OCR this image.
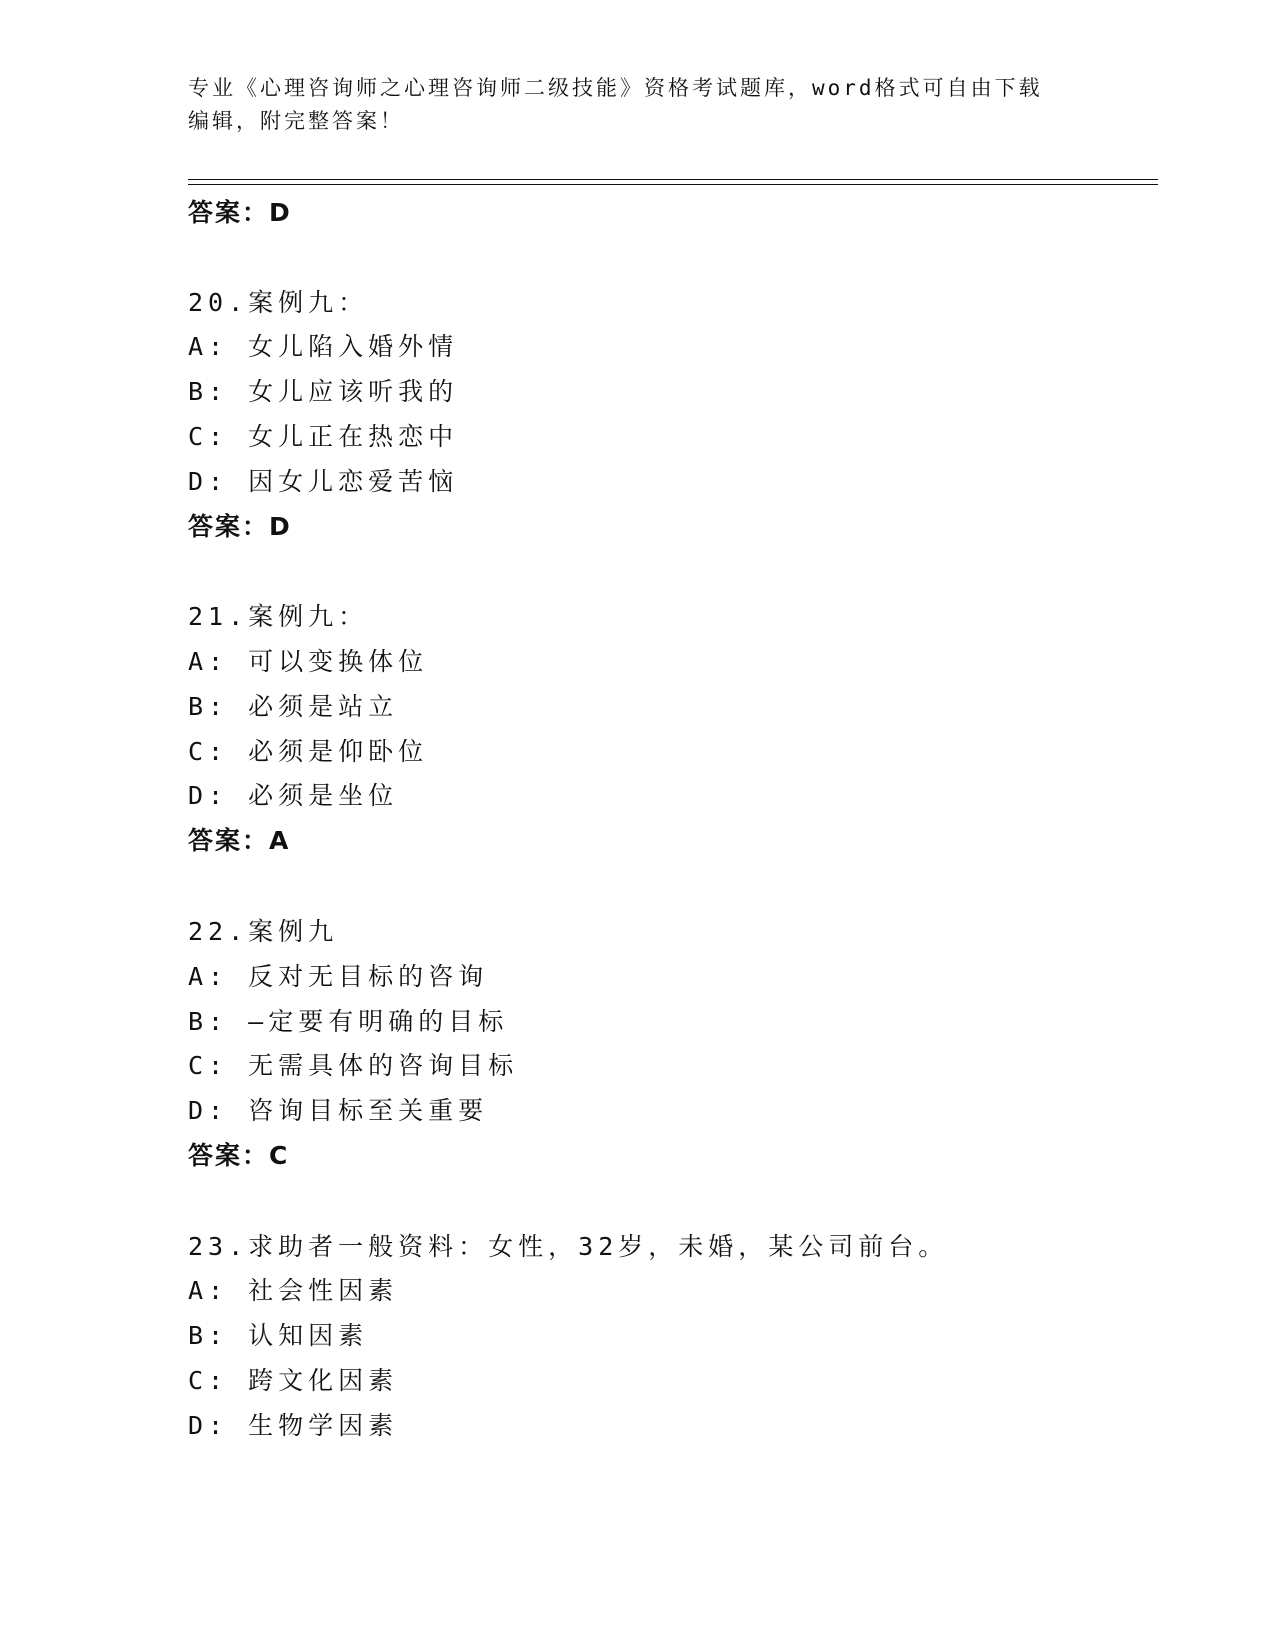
专业《心理咨询师之心理咨询师二级技能》资格考试题库，word格式可自由下载
编辑，附完整答案！
答案：D
20.案例九：
A: 女儿陷入婚外情
B: 女儿应该听我的
C: 女儿正在热恋中
D: 因女儿恋爱苦恼
答案：D
21.案例九：
A: 可以变换体位
B: 必须是站立
C: 必须是仰卧位
D: 必须是坐位
答案：A
22.案例九
A: 反对无目标的咨询
B: —定要有明确的目标
C: 无需具体的咨询目标
D: 咨询目标至关重要
答案：C
23.求助者一般资料：女性，32岁，未婚，某公司前台。
A: 社会性因素
B: 认知因素
C: 跨文化因素
D: 生物学因素
